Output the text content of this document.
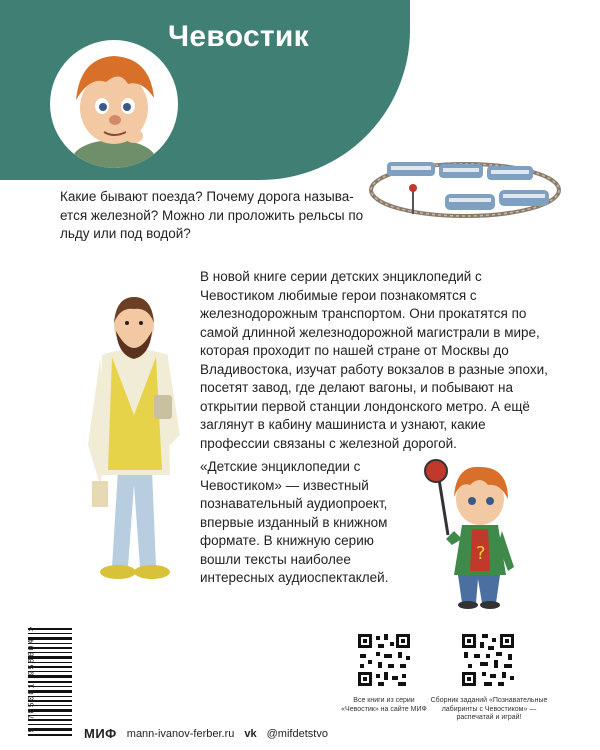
Чевостик
Какие бывают поезда? Почему дорога называ-ется железной? Можно ли проложить рельсы по льду или под водой?

В новой книге серии детских энциклопедий с Чевостиком любимые герои познакомятся с железнодорожным транспортом. Они прокатятся по самой длинной железнодорожной магистрали в мире, которая проходит по нашей стране от Москвы до Владивостока, изучат работу вокзалов в разные эпохи, посетят завод, где делают вагоны, и побывают на открытии первой станции лондонского метро. А ещё заглянут в кабину машиниста и узнают, какие профессии связаны с железной дорогой.

«Детские энциклопедии с Чевостиком» — известный познавательный аудиопроект, впервые изданный в книжном формате. В книжную серию вошли тексты наиболее интересных аудиоспектаклей.
?
9 785001 958604 >	Все книги из серии «Чевостик» на сайте МИФ
Сборник заданий «Познавательные лабиринты с Чевостиком» — распечатай и играй!
МИФ mann-ivanov-ferber.ru vk @mifdetstvo
